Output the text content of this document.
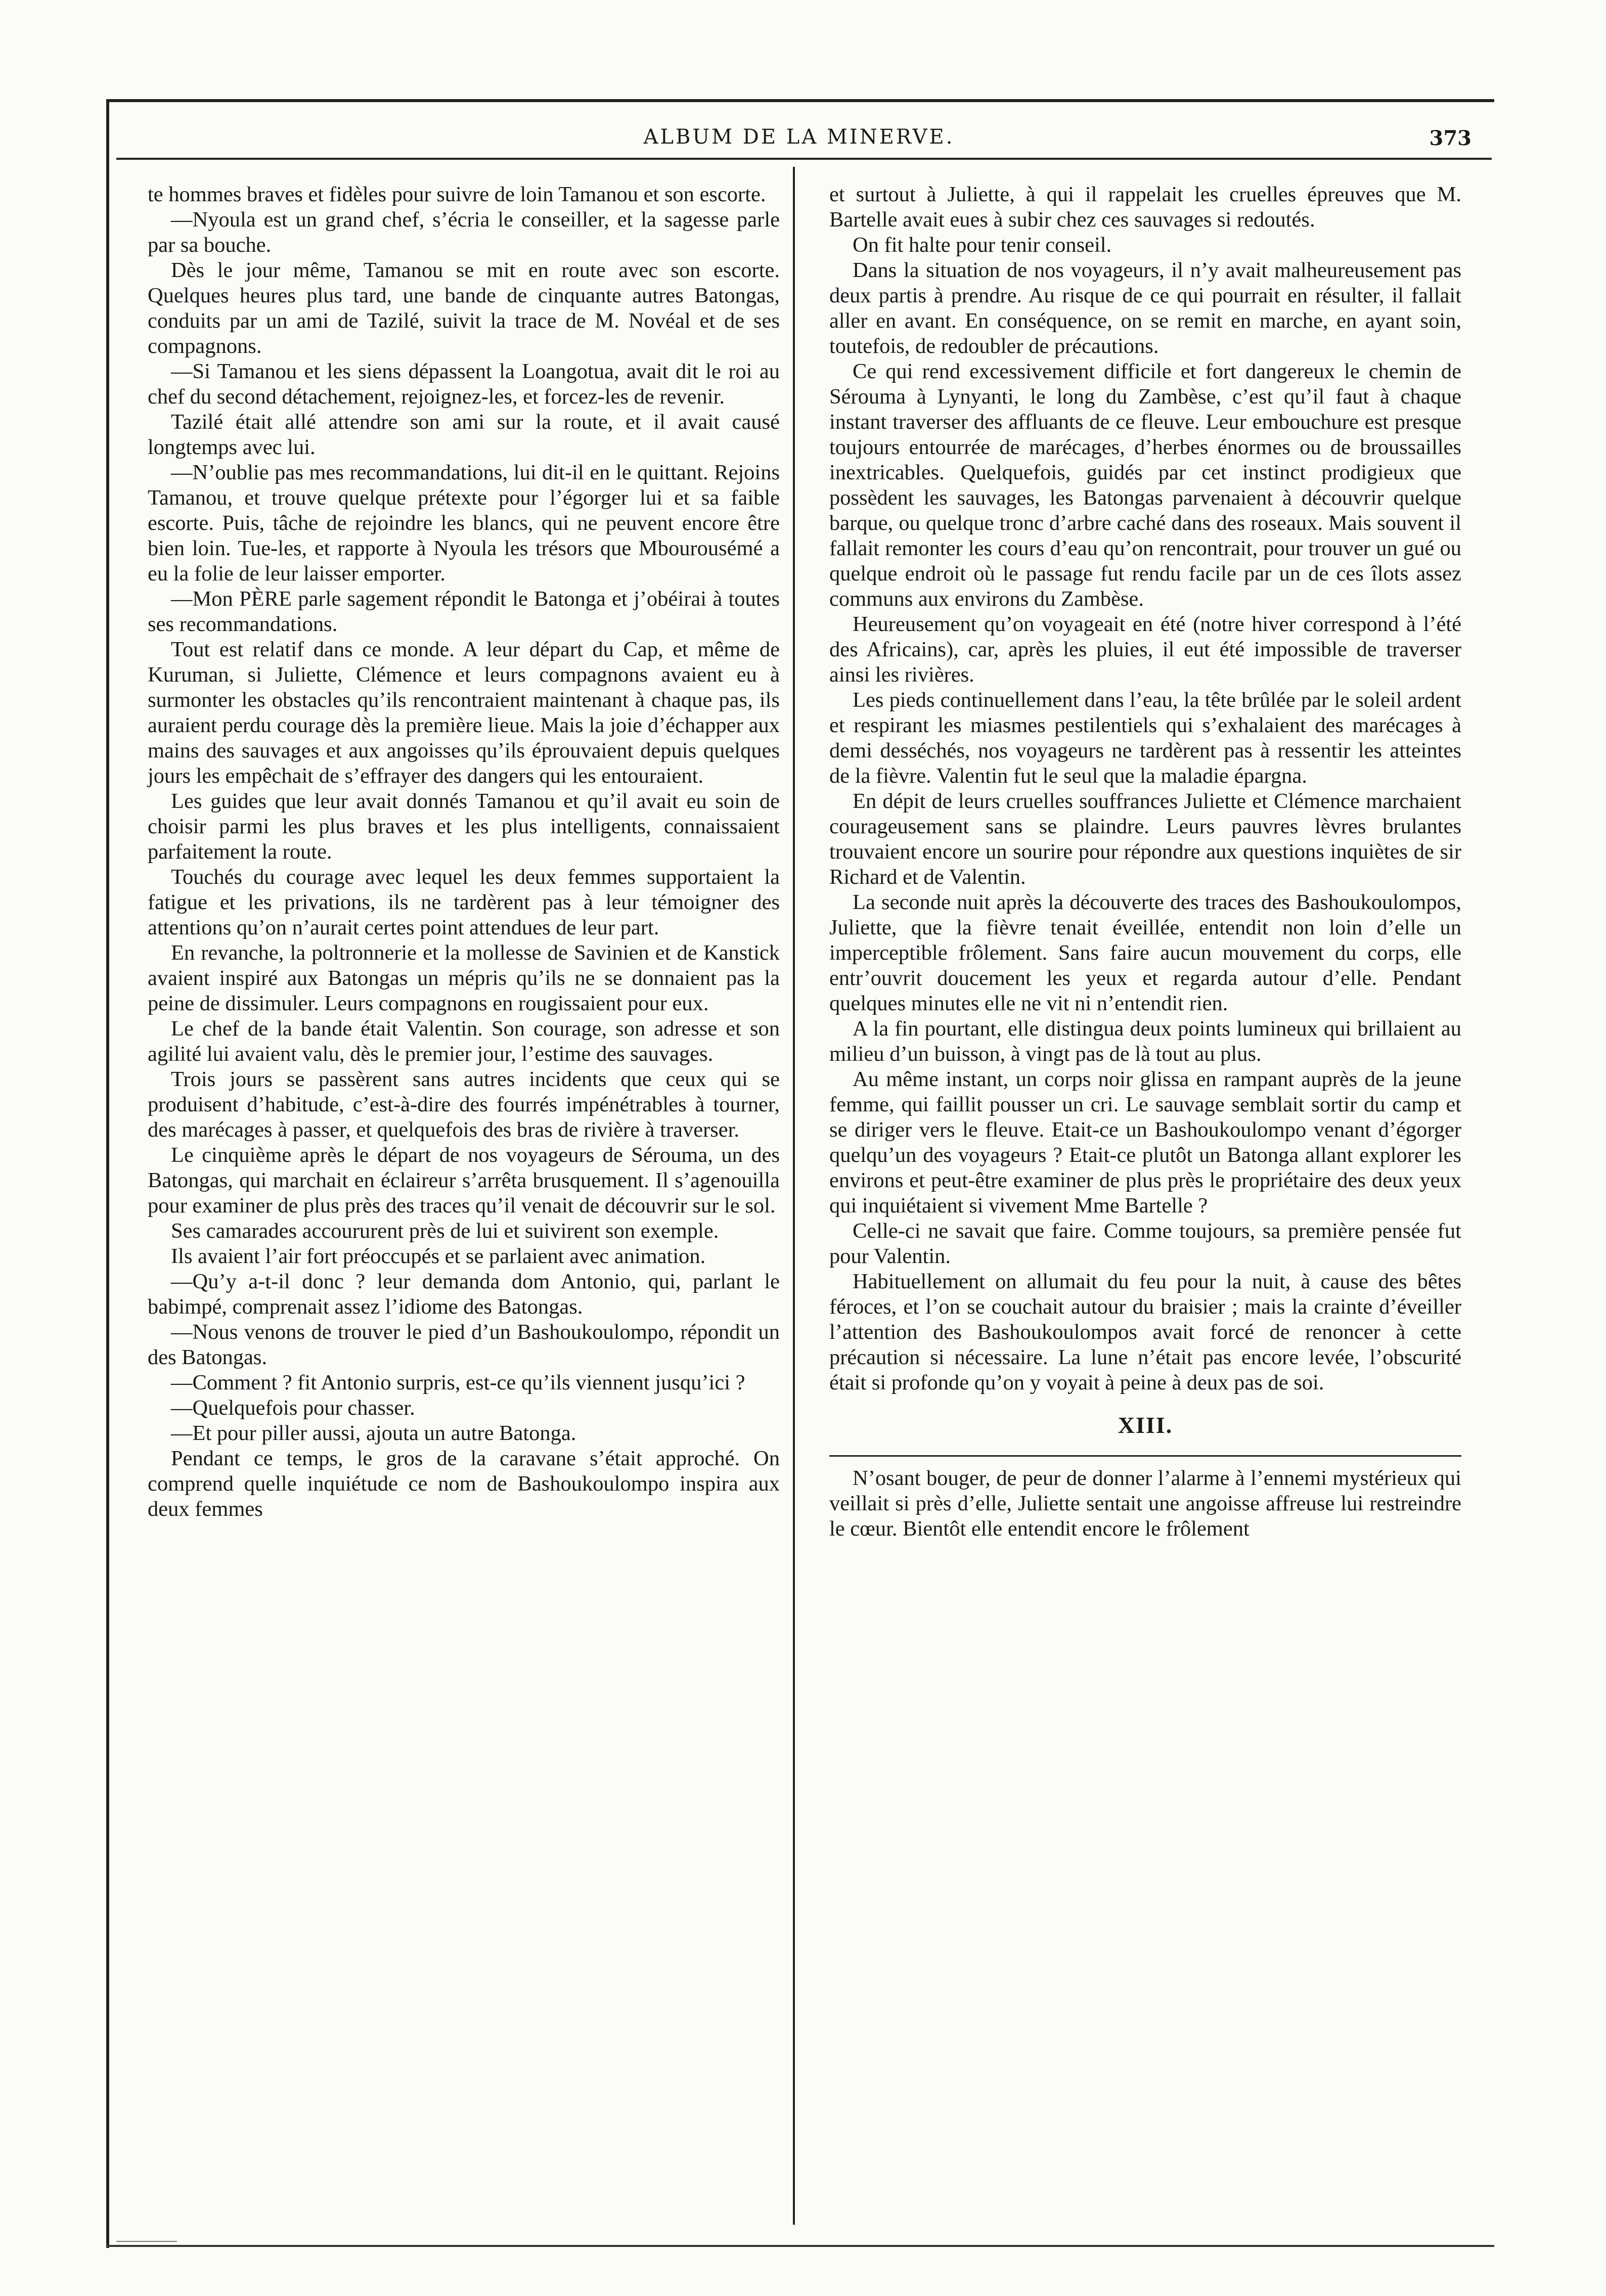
ALBUM DE LA MINERVE.	373

te hommes braves et fidèles pour suivre de loin Tamanou et son escorte.

—Nyoula est un grand chef, s’écria le conseiller, et la sagesse parle par sa bouche.

Dès le jour même, Tamanou se mit en route avec son escorte. Quelques heures plus tard, une bande de cinquante autres Batongas, conduits par un ami de Tazilé, suivit la trace de M. Novéal et de ses compagnons.

—Si Tamanou et les siens dépassent la Loangotua, avait dit le roi au chef du second détachement, rejoignez-les, et forcez-les de revenir.

Tazilé était allé attendre son ami sur la route, et il avait causé longtemps avec lui.

—N’oublie pas mes recommandations, lui dit-il en le quittant. Rejoins Tamanou, et trouve quelque prétexte pour l’égorger lui et sa faible escorte. Puis, tâche de rejoindre les blancs, qui ne peuvent encore être bien loin. Tue-les, et rapporte à Nyoula les trésors que Mbourousémé a eu la folie de leur laisser emporter.

—Mon PÈRE parle sagement répondit le Batonga et j’obéirai à toutes ses recommandations.

Tout est relatif dans ce monde. A leur départ du Cap, et même de Kuruman, si Juliette, Clémence et leurs compagnons avaient eu à surmonter les obstacles qu’ils rencontraient maintenant à chaque pas, ils auraient perdu courage dès la première lieue. Mais la joie d’échapper aux mains des sauvages et aux angoisses qu’ils éprouvaient depuis quelques jours les empêchait de s’effrayer des dangers qui les entouraient.

Les guides que leur avait donnés Tamanou et qu’il avait eu soin de choisir parmi les plus braves et les plus intelligents, connaissaient parfaitement la route.

Touchés du courage avec lequel les deux femmes supportaient la fatigue et les privations, ils ne tardèrent pas à leur témoigner des attentions qu’on n’aurait certes point attendues de leur part.

En revanche, la poltronnerie et la mollesse de Savinien et de Kanstick avaient inspiré aux Batongas un mépris qu’ils ne se donnaient pas la peine de dissimuler. Leurs compagnons en rougissaient pour eux.

Le chef de la bande était Valentin. Son courage, son adresse et son agilité lui avaient valu, dès le premier jour, l’estime des sauvages.

Trois jours se passèrent sans autres incidents que ceux qui se produisent d’habitude, c’est-à-dire des fourrés impénétrables à tourner, des marécages à passer, et quelquefois des bras de rivière à traverser.

Le cinquième après le départ de nos voyageurs de Sérouma, un des Batongas, qui marchait en éclaireur s’arrêta brusquement. Il s’agenouilla pour examiner de plus près des traces qu’il venait de découvrir sur le sol.

Ses camarades accoururent près de lui et suivirent son exemple.

Ils avaient l’air fort préoccupés et se parlaient avec animation.

—Qu’y a-t-il donc ? leur demanda dom Antonio, qui, parlant le babimpé, comprenait assez l’idiome des Batongas.

—Nous venons de trouver le pied d’un Bashoukoulompo, répondit un des Batongas.

—Comment ? fit Antonio surpris, est-ce qu’ils viennent jusqu’ici ?

—Quelquefois pour chasser.

—Et pour piller aussi, ajouta un autre Batonga.

Pendant ce temps, le gros de la caravane s’était approché. On comprend quelle inquiétude ce nom de Bashoukoulompo inspira aux deux femmes

et surtout à Juliette, à qui il rappelait les cruelles épreuves que M. Bartelle avait eues à subir chez ces sauvages si redoutés.

On fit halte pour tenir conseil.

Dans la situation de nos voyageurs, il n’y avait malheureusement pas deux partis à prendre. Au risque de ce qui pourrait en résulter, il fallait aller en avant. En conséquence, on se remit en marche, en ayant soin, toutefois, de redoubler de précautions.

Ce qui rend excessivement difficile et fort dangereux le chemin de Sérouma à Lynyanti, le long du Zambèse, c’est qu’il faut à chaque instant traverser des affluants de ce fleuve. Leur embouchure est presque toujours entourrée de marécages, d’herbes énormes ou de broussailles inextricables. Quelquefois, guidés par cet instinct prodigieux que possèdent les sauvages, les Batongas parvenaient à découvrir quelque barque, ou quelque tronc d’arbre caché dans des roseaux. Mais souvent il fallait remonter les cours d’eau qu’on rencontrait, pour trouver un gué ou quelque endroit où le passage fut rendu facile par un de ces îlots assez communs aux environs du Zambèse.

Heureusement qu’on voyageait en été (notre hiver correspond à l’été des Africains), car, après les pluies, il eut été impossible de traverser ainsi les rivières.

Les pieds continuellement dans l’eau, la tête brûlée par le soleil ardent et respirant les miasmes pestilentiels qui s’exhalaient des marécages à demi desséchés, nos voyageurs ne tardèrent pas à ressentir les atteintes de la fièvre. Valentin fut le seul que la maladie épargna.

En dépit de leurs cruelles souffrances Juliette et Clémence marchaient courageusement sans se plaindre. Leurs pauvres lèvres brulantes trouvaient encore un sourire pour répondre aux questions inquiètes de sir Richard et de Valentin.

La seconde nuit après la découverte des traces des Bashoukoulompos, Juliette, que la fièvre tenait éveillée, entendit non loin d’elle un imperceptible frôlement. Sans faire aucun mouvement du corps, elle entr’ouvrit doucement les yeux et regarda autour d’elle. Pendant quelques minutes elle ne vit ni n’entendit rien.

A la fin pourtant, elle distingua deux points lumineux qui brillaient au milieu d’un buisson, à vingt pas de là tout au plus.

Au même instant, un corps noir glissa en rampant auprès de la jeune femme, qui faillit pousser un cri. Le sauvage semblait sortir du camp et se diriger vers le fleuve. Etait-ce un Bashoukoulompo venant d’égorger quelqu’un des voyageurs ? Etait-ce plutôt un Batonga allant explorer les environs et peut-être examiner de plus près le propriétaire des deux yeux qui inquiétaient si vivement Mme Bartelle ?

Celle-ci ne savait que faire. Comme toujours, sa première pensée fut pour Valentin.

Habituellement on allumait du feu pour la nuit, à cause des bêtes féroces, et l’on se couchait autour du braisier ; mais la crainte d’éveiller l’attention des Bashoukoulompos avait forcé de renoncer à cette précaution si nécessaire. La lune n’était pas encore levée, l’obscurité était si profonde qu’on y voyait à peine à deux pas de soi.

XIII.

N’osant bouger, de peur de donner l’alarme à l’ennemi mystérieux qui veillait si près d’elle, Juliette sentait une angoisse affreuse lui restreindre le cœur. Bientôt elle entendit encore le frôlement
